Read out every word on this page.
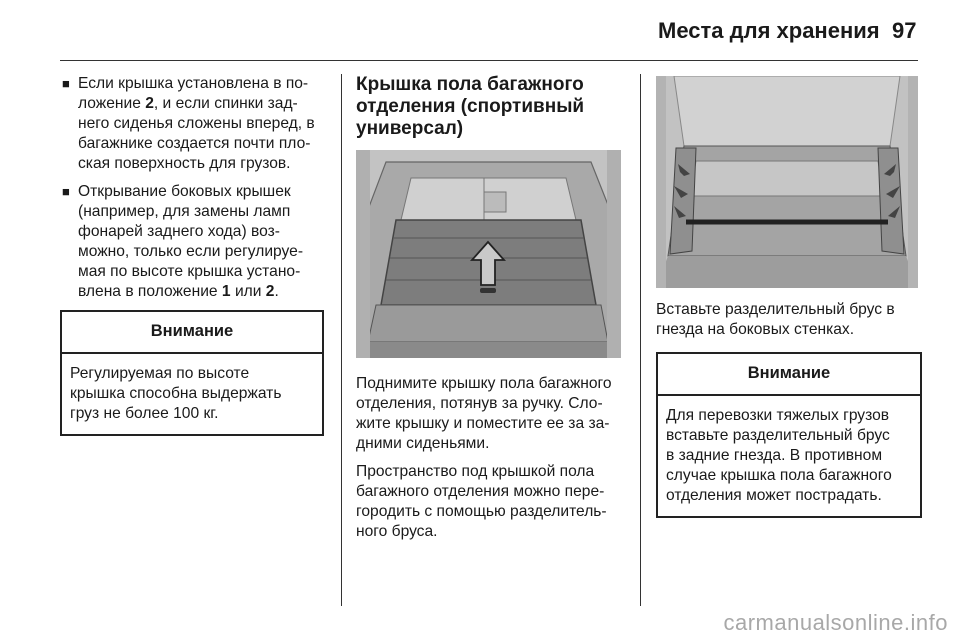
Места для хранения 97

■ Если крышка установлена в по-
ложение 2, и если спинки зад-
него сиденья сложены вперед, в
багажнике создается почти пло-
ская поверхность для грузов.

■ Открывание боковых крышек
(например, для замены ламп
фонарей заднего хода) воз-
можно, только если регулируе-
мая по высоте крышка устано-
влена в положение 1 или 2.

Внимание
Регулируемая по высоте
крышка способна выдержать
груз не более 100 кг.
Крышка пола багажного
отделения (спортивный
универсал)

Поднимите крышку пола багажного
отделения, потянув за ручку. Сло-
жите крышку и поместите ее за за-
дними сиденьями.

Пространство под крышкой пола
багажного отделения можно пере-
городить с помощью разделитель-
ного бруса.

Вставьте разделительный брус в
гнезда на боковых стенках.

Внимание
Для перевозки тяжелых грузов
вставьте разделительный брус
в задние гнезда. В противном
случае крышка пола багажного
отделения может пострадать.
carmanualsonline.info
